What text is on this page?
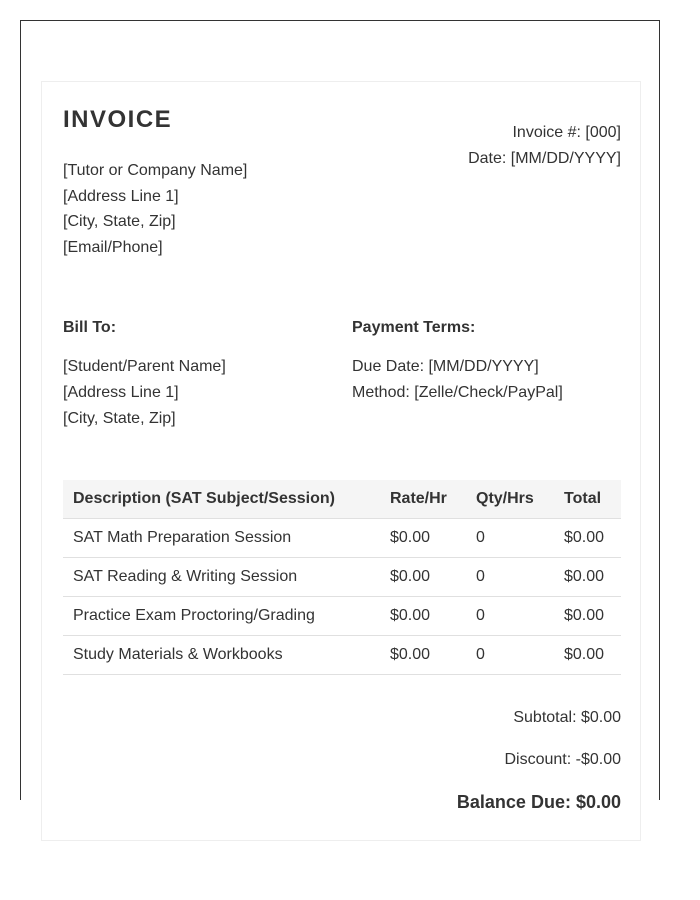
INVOICE
[Tutor or Company Name]
[Address Line 1]
[City, State, Zip]
[Email/Phone]
Invoice #: [000]
Date: [MM/DD/YYYY]
Bill To:
[Student/Parent Name]
[Address Line 1]
[City, State, Zip]
Payment Terms:
Due Date: [MM/DD/YYYY]
Method: [Zelle/Check/PayPal]
Description (SAT Subject/Session)	Rate/Hr	Qty/Hrs	Total
SAT Math Preparation Session	$0.00	0	$0.00
SAT Reading & Writing Session	$0.00	0	$0.00
Practice Exam Proctoring/Grading	$0.00	0	$0.00
Study Materials & Workbooks	$0.00	0	$0.00
Subtotal: $0.00
Discount: -$0.00
Balance Due: $0.00
